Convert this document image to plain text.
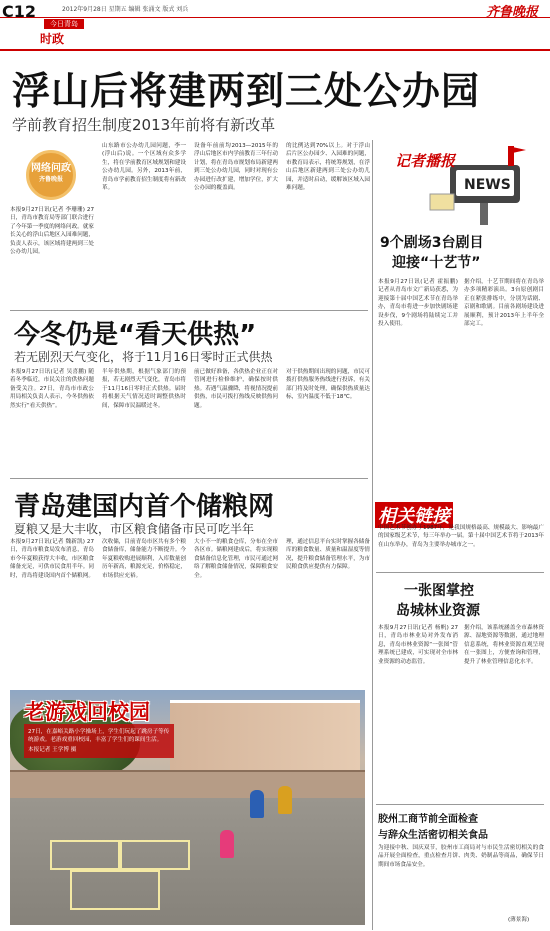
C12	2012年9月28日 星期五 编辑 张涌文 版式 刘兵	齐鲁晚报
今日青岛
时政
浮山后将建两到三处公办园
学前教育招生制度2013年前将有新改革
网络问政
齐鲁晚报
本报9月27日讯(记者 李珊珊) 27日，青岛市教育局等部门联合进行了今年第一季度的网络问政。就家长关心的浮山后地区入园难问题，负责人表示，该区域将建两到三处公办幼儿园。
山东路市公办幼儿园问题，李一(浮山后)说。一个区域有众多学生，将在学前教育区域规划和建设公办幼儿园。另外，2013年前，青岛市学前教育招生制度将有新改革。
设备年前前均2013—2015年的浮山后地区市内学前教育三年行动计划，将在青岛市规划布局新建两到三处公办幼儿园，同时对现有公办园进行改扩建，增加学位，扩大公办园的覆盖面。
的比例达到70%以上。对于浮山后片区公办园少、入园难的问题，市教育局表示，将统筹规划，在浮山后地区新建两到三处公办幼儿园，并适时启动，缓解该区域入园难问题。	NEWS
记者播报
9个剧场3台剧目
迎接“十艺节”
本报9月27日讯(记者 霍振鹏) 记者从青岛市文广新局获悉，为迎接第十届中国艺术节在青岛举办，青岛市将进一步加快剧场建设步伐，9个剧场将陆续完工并投入使用。
据介绍，十艺节期间将在青岛举办多项精彩演出。3台原创剧目正在紧张排练中，分别为话剧、京剧和歌剧。目前各剧场建设进展顺利，预计2013年上半年全部完工。
相关链接
中国艺术节创办于1987年，是我国规格最高、规模最大、影响最广的国家级艺术节，每三年举办一届。第十届中国艺术节将于2013年在山东举办，青岛为主要举办城市之一。
今冬仍是“看天供热”
若无剧烈天气变化，将于11月16日零时正式供热
本报9月27日讯(记者 吴喜鹏) 随着冬季临近，市民关注的供热问题备受关注。27日，青岛市市政公用局相关负责人表示，今冬供热依然实行“看天供热”。
半年供热期，根据气象部门的预报，若无剧烈天气变化，青岛市将于11月16日零时正式供热。届时将根据天气情况适时调整供热时间，保障市民温暖过冬。
前已做好准备，各供热企业正在对管网进行检修维护，确保按时供热。若遇气温骤降，将视情况提前供热，市民可拨打热线反映供热问题。
对于供热期间出现的问题，市民可拨打供热服务热线进行投诉，有关部门将及时处理，确保供热质量达标，室内温度不低于18℃。
青岛建国内首个储粮网
夏粮又是大丰收，市区粮食储备市民可吃半年
本报9月27日讯(记者 魏新凯) 27日，青岛市粮食局发布消息，青岛市今年夏粮获得大丰收，市区粮食储备充足，可供市民食用半年。同时，青岛将建设国内首个储粮网。
次收储，目前青岛市区共有多个粮食储备库，储备能力不断提升。今年夏粮收购进展顺利，入库数量创历年新高，粮源充足，价格稳定，市场供应充裕。
大小不一的粮食仓库，分布在全市各区市。储粮网建成后，将实现粮食储备信息化管理，市民可通过网络了解粮食储备情况，保障粮食安全。
理，通过信息平台实时掌握各储备库的粮食数量、质量和温湿度等情况，提升粮食储备管理水平，为市民粮食供应提供有力保障。
老游戏回校园
27日，在嘉峪关路小学操场上，学生们玩起了跳房子等传统游戏。老游戏重回校园，丰富了学生们的课间生活。
本报记者 王学博 摄
一张图掌控
岛城林业资源
本报9月27日讯(记者 杨帆) 27日，青岛市林业局对外发布消息，青岛市林业资源“一张图”管理系统已建成，可实现对全市林业资源的动态监管。
据介绍，该系统涵盖全市森林资源、湿地资源等数据，通过地理信息系统，将林业资源直观呈现在一张图上，方便查询和管理，提升了林业管理信息化水平。
胶州工商节前全面检查
与辞众生活密切相关食品
为迎接中秋、国庆双节，胶州市工商局对与市民生活密切相关的食品开展全面检查，重点检查月饼、肉类、奶制品等商品，确保节日期间市场食品安全。
(薄景海)
